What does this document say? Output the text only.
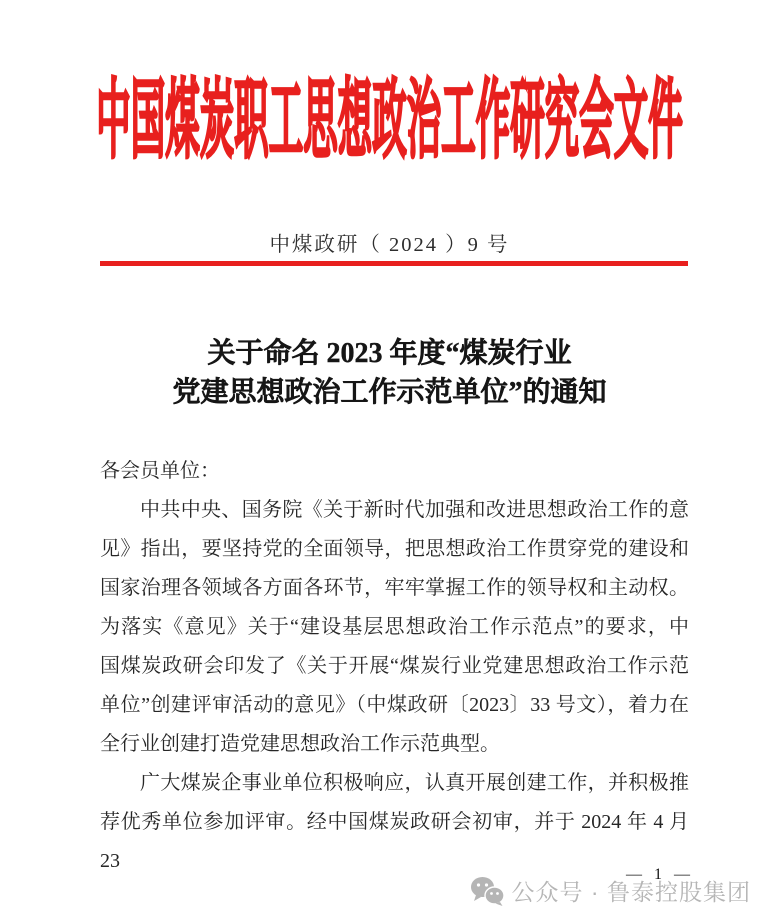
中国煤炭职工思想政治工作研究会文件
中煤政研（ 2024 ）9 号
关于命名 2023 年度“煤炭行业
党建思想政治工作示范单位”的通知
各会员单位：
中共中央、国务院《关于新时代加强和改进思想政治工作的意
见》指出，要坚持党的全面领导，把思想政治工作贯穿党的建设和
国家治理各领域各方面各环节，牢牢掌握工作的领导权和主动权。
为落实《意见》关于“建设基层思想政治工作示范点”的要求，中
国煤炭政研会印发了《关于开展“煤炭行业党建思想政治工作示范
单位”创建评审活动的意见》（中煤政研〔2023〕33 号文），着力在
全行业创建打造党建思想政治工作示范典型。
广大煤炭企事业单位积极响应，认真开展创建工作，并积极推
荐优秀单位参加评审。经中国煤炭政研会初审，并于 2024 年 4 月 23
— 1 —
公众号 · 鲁泰控股集团
